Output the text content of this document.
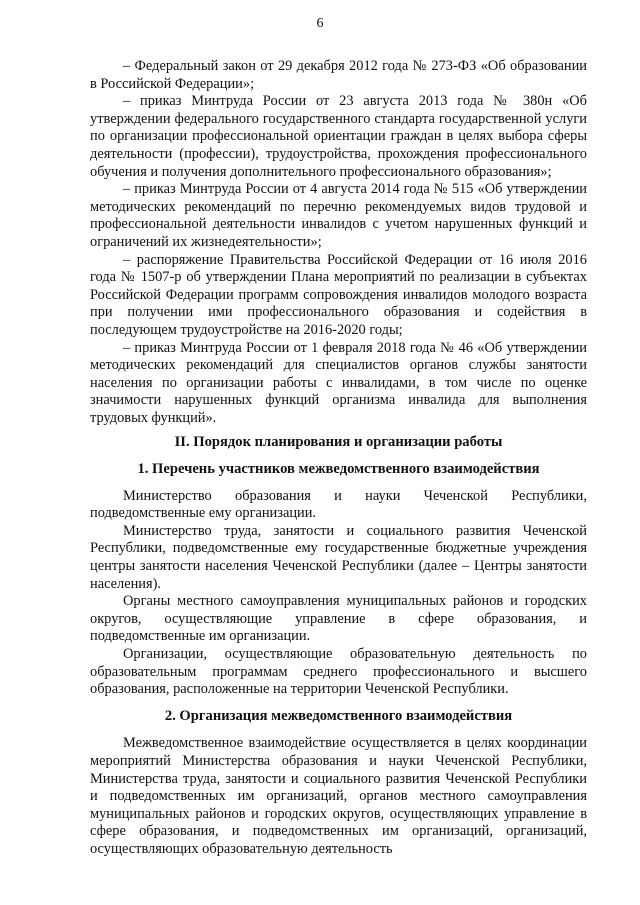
6

– Федеральный закон от 29 декабря 2012 года № 273-ФЗ «Об образовании в Российской Федерации»;

– приказ Минтруда России от 23 августа 2013 года № 380н «Об утверждении федерального государственного стандарта государственной услуги по организации профессиональной ориентации граждан в целях выбора сферы деятельности (профессии), трудоустройства, прохождения профессионального обучения и получения дополнительного профессионального образования»;

– приказ Минтруда России от 4 августа 2014 года № 515 «Об утверждении методических рекомендаций по перечню рекомендуемых видов трудовой и профессиональной деятельности инвалидов с учетом нарушенных функций и ограничений их жизнедеятельности»;

– распоряжение Правительства Российской Федерации от 16 июля 2016 года № 1507-р об утверждении Плана мероприятий по реализации в субъектах Российской Федерации программ сопровождения инвалидов молодого возраста при получении ими профессионального образования и содействия в последующем трудоустройстве на 2016-2020 годы;

– приказ Минтруда России от 1 февраля 2018 года № 46 «Об утверждении методических рекомендаций для специалистов органов службы занятости населения по организации работы с инвалидами, в том числе по оценке значимости нарушенных функций организма инвалида для выполнения трудовых функций».

II. Порядок планирования и организации работы

1. Перечень участников межведомственного взаимодействия

Министерство образования и науки Чеченской Республики, подведомственные ему организации.

Министерство труда, занятости и социального развития Чеченской Республики, подведомственные ему государственные бюджетные учреждения центры занятости населения Чеченской Республики (далее – Центры занятости населения).

Органы местного самоуправления муниципальных районов и городских округов, осуществляющие управление в сфере образования, и подведомственные им организации.

Организации, осуществляющие образовательную деятельность по образовательным программам среднего профессионального и высшего образования, расположенные на территории Чеченской Республики.

2. Организация межведомственного взаимодействия

Межведомственное взаимодействие осуществляется в целях координации мероприятий Министерства образования и науки Чеченской Республики, Министерства труда, занятости и социального развития Чеченской Республики и подведомственных им организаций, органов местного самоуправления муниципальных районов и городских округов, осуществляющих управление в сфере образования, и подведомственных им организаций, организаций, осуществляющих образовательную деятельность
